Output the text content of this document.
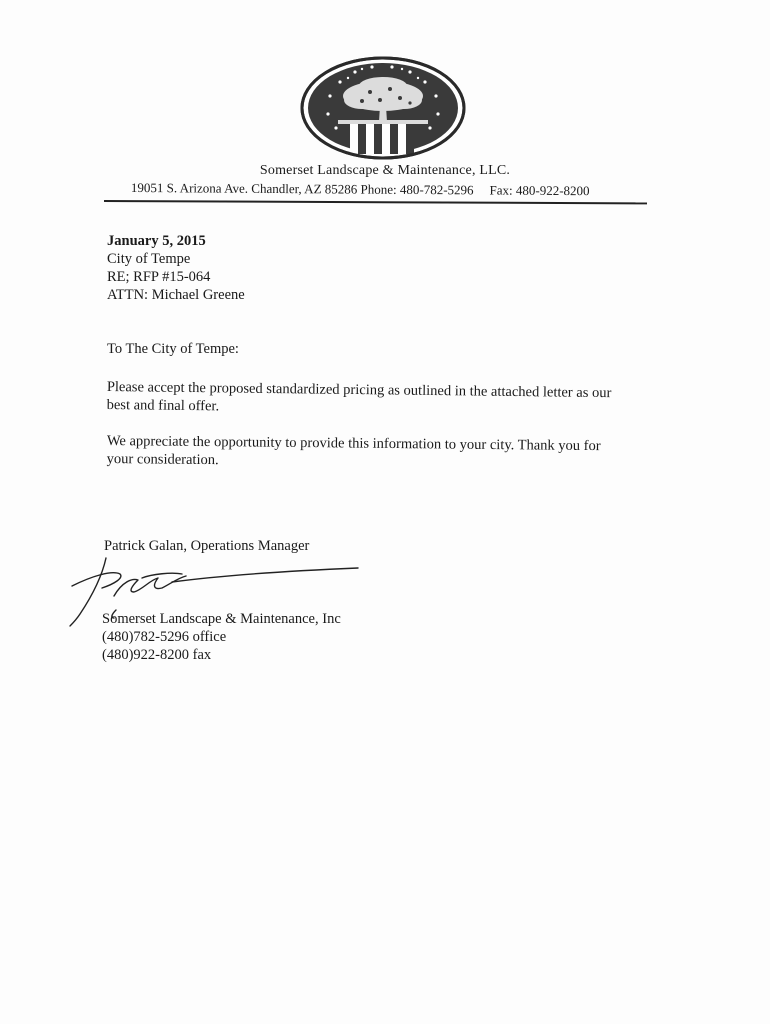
Somerset Landscape & Maintenance, LLC.
19051 S. Arizona Ave. Chandler, AZ 85286 Phone: 480-782-5296 Fax: 480-922-8200
January 5, 2015
City of Tempe
RE; RFP #15-064
ATTN: Michael Greene
To The City of Tempe:
Please accept the proposed standardized pricing as outlined in the attached letter as our
best and final offer.
We appreciate the opportunity to provide this information to your city. Thank you for
your consideration.
Patrick Galan, Operations Manager
Somerset Landscape & Maintenance, Inc
(480)782-5296 office
(480)922-8200 fax
